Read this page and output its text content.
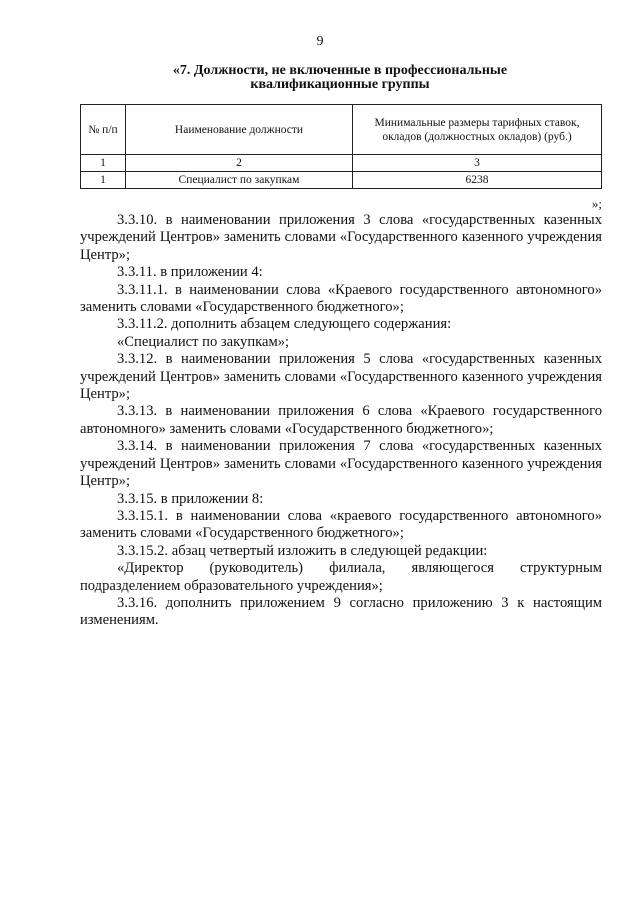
9
«7. Должности, не включенные в профессиональные
квалификационные группы
№ п/п	Наименование должности	Минимальные размеры тарифных ставок, окладов (должностных окладов) (руб.)
1	2	3
1	Специалист по закупкам	6238
»;

3.3.10. в наименовании приложения 3 слова «государственных казенных учреждений Центров» заменить словами «Государственного казенного учреждения Центр»;

3.3.11. в приложении 4:

3.3.11.1. в наименовании слова «Краевого государственного автономного» заменить словами «Государственного бюджетного»;

3.3.11.2. дополнить абзацем следующего содержания:

«Специалист по закупкам»;

3.3.12. в наименовании приложения 5 слова «государственных казенных учреждений Центров» заменить словами «Государственного казенного учреждения Центр»;

3.3.13. в наименовании приложения 6 слова «Краевого государственного автономного» заменить словами «Государственного бюджетного»;

3.3.14. в наименовании приложения 7 слова «государственных казенных учреждений Центров» заменить словами «Государственного казенного учреждения Центр»;

3.3.15. в приложении 8:

3.3.15.1. в наименовании слова «краевого государственного автономного» заменить словами «Государственного бюджетного»;

3.3.15.2. абзац четвертый изложить в следующей редакции:

«Директор (руководитель) филиала, являющегося структурным подразделением образовательного учреждения»;

3.3.16. дополнить приложением 9 согласно приложению 3 к настоящим изменениям.
